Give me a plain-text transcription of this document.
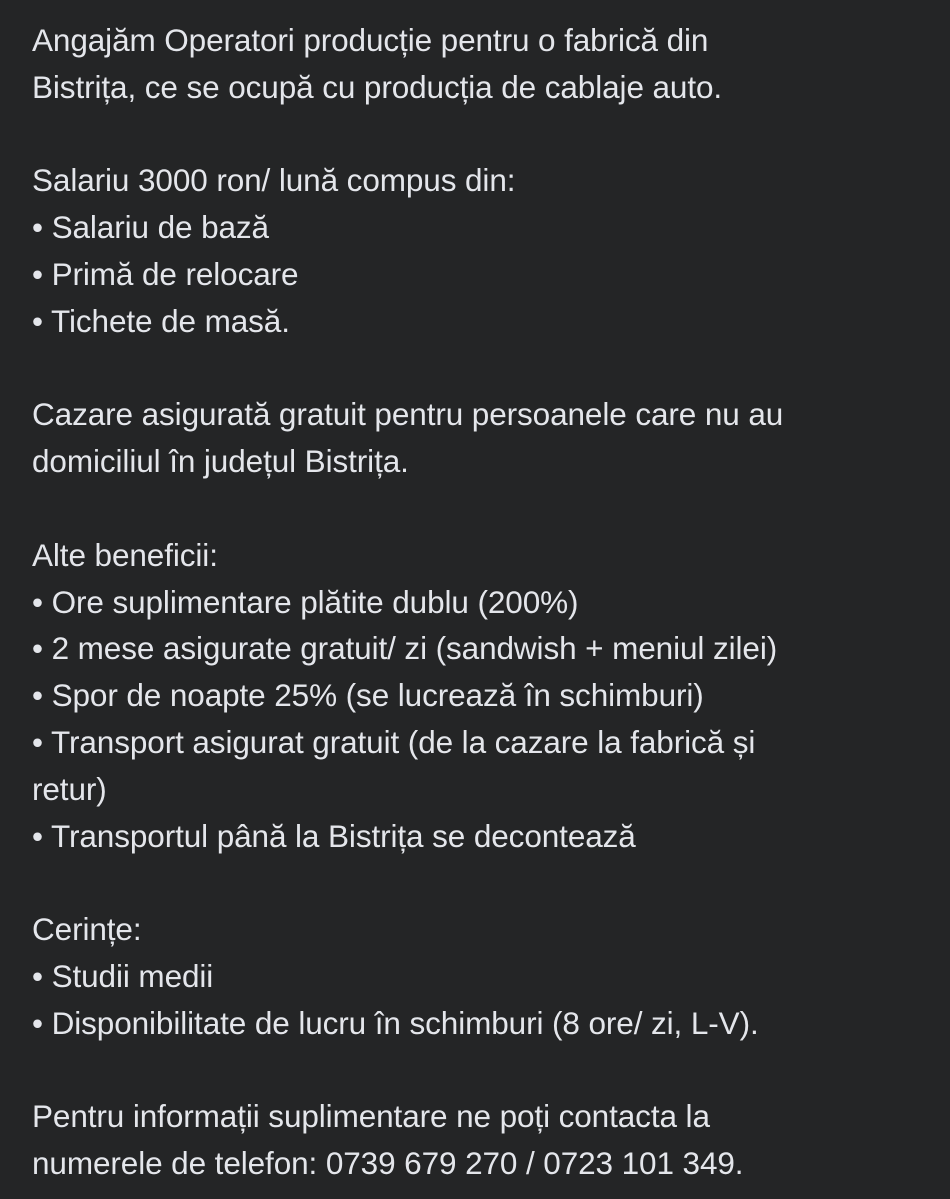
Angajăm Operatori producție pentru o fabrică din
Bistrița, ce se ocupă cu producția de cablaje auto.
Salariu 3000 ron/ lună compus din:
• Salariu de bază
• Primă de relocare
• Tichete de masă.
Cazare asigurată gratuit pentru persoanele care nu au
domiciliul în județul Bistrița.
Alte beneficii:
• Ore suplimentare plătite dublu (200%)
• 2 mese asigurate gratuit/ zi (sandwish + meniul zilei)
• Spor de noapte 25% (se lucrează în schimburi)
• Transport asigurat gratuit (de la cazare la fabrică și
retur)
• Transportul până la Bistrița se decontează
Cerințe:
• Studii medii
• Disponibilitate de lucru în schimburi (8 ore/ zi, L-V).
Pentru informații suplimentare ne poți contacta la
numerele de telefon: 0739 679 270 / 0723 101 349.
